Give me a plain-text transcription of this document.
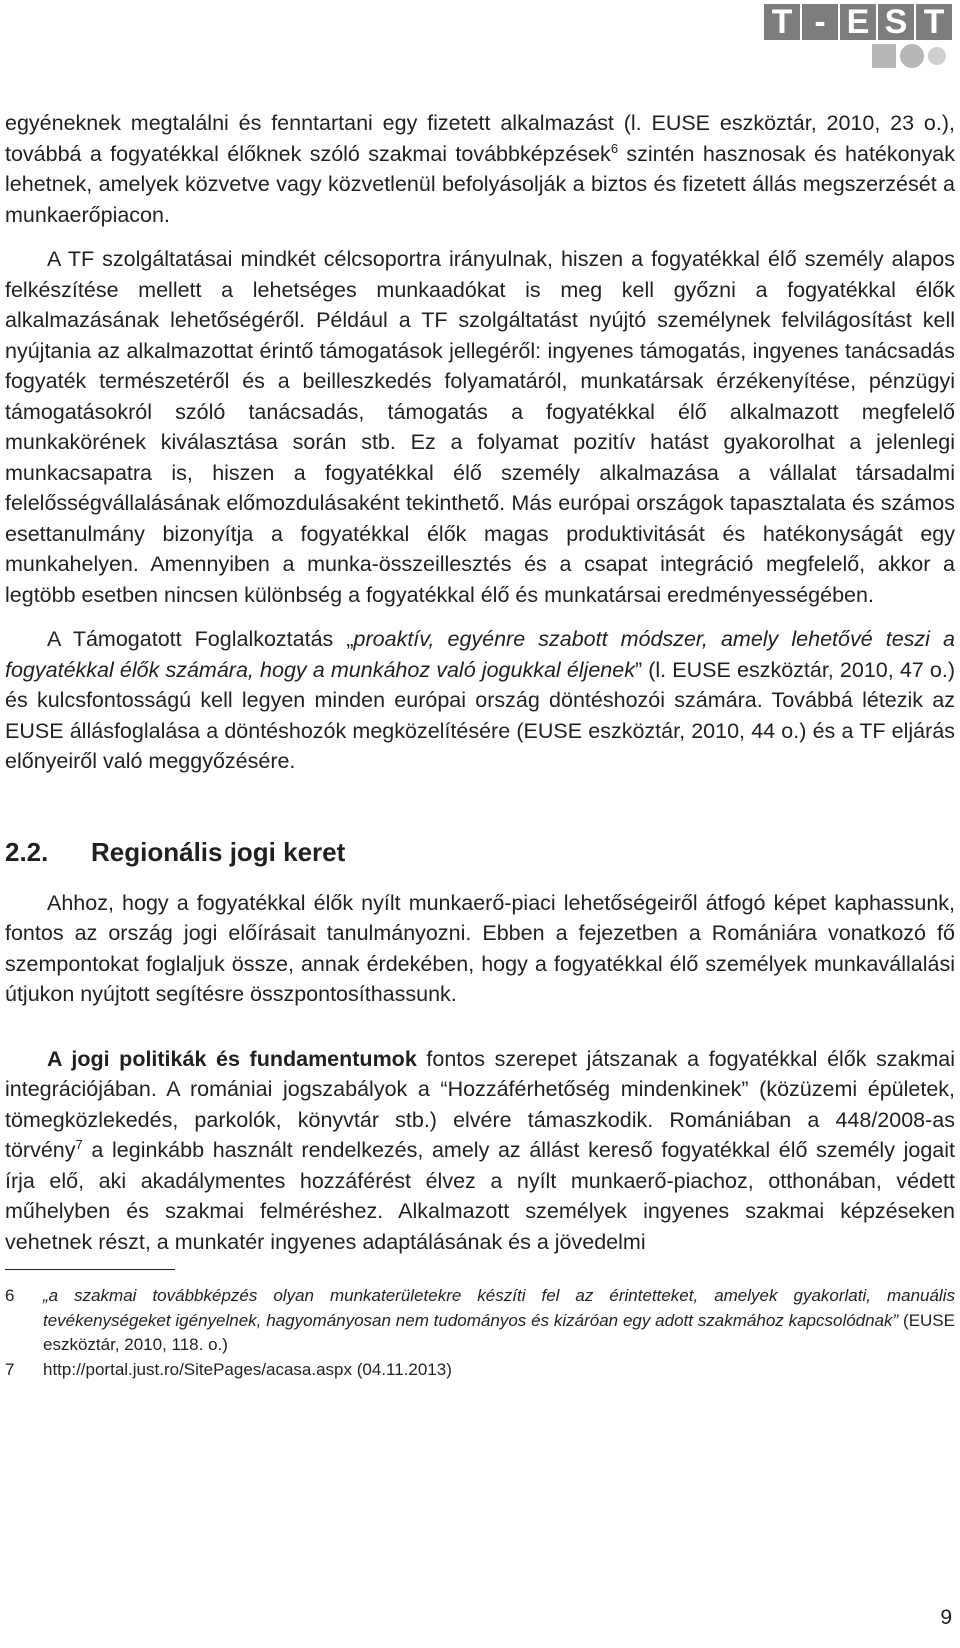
T - E S T

egyéneknek megtalálni és fenntartani egy fizetett alkalmazást (l. EUSE eszköztár, 2010, 23 o.), továbbá a fogyatékkal élőknek szóló szakmai továbbképzések$^6$ szintén hasznosak és hatékonyak lehetnek, amelyek közvetve vagy közvetlenül befolyásolják a biztos és fizetett állás megszerzését a munkaerőpiacon.

A TF szolgáltatásai mindkét célcsoportra irányulnak, hiszen a fogyatékkal élő személy alapos felkészítése mellett a lehetséges munkaadókat is meg kell győzni a fogyatékkal élők alkalmazásának lehetőségéről. Például a TF szolgáltatást nyújtó személynek felvilágosítást kell nyújtania az alkalmazottat érintő támogatások jellegéről: ingyenes támogatás, ingyenes tanácsadás fogyaték természetéről és a beilleszkedés folyamatáról, munkatársak érzékenyítése, pénzügyi támogatásokról szóló tanácsadás, támogatás a fogyatékkal élő alkalmazott megfelelő munkakörének kiválasztása során stb. Ez a folyamat pozitív hatást gyakorolhat a jelenlegi munkacsapatra is, hiszen a fogyatékkal élő személy alkalmazása a vállalat társadalmi felelősségvállalásának előmozdulásaként tekinthető. Más európai országok tapasztalata és számos esettanulmány bizonyítja a fogyatékkal élők magas produktivitását és hatékonyságát egy munkahelyen. Amennyiben a munka-összeillesztés és a csapat integráció megfelelő, akkor a legtöbb esetben nincsen különbség a fogyatékkal élő és munkatársai eredményességében.

A Támogatott Foglalkoztatás „proaktív, egyénre szabott módszer, amely lehetővé teszi a fogyatékkal élők számára, hogy a munkához való jogukkal éljenek” (l. EUSE eszköztár, 2010, 47 o.) és kulcsfontosságú kell legyen minden európai ország döntéshozói számára. Továbbá létezik az EUSE állásfoglalása a döntéshozók megközelítésére (EUSE eszköztár, 2010, 44 o.) és a TF eljárás előnyeiről való meggyőzésére.

2.2.	Regionális jogi keret

Ahhoz, hogy a fogyatékkal élők nyílt munkaerő-piaci lehetőségeiről átfogó képet kaphassunk, fontos az ország jogi előírásait tanulmányozni. Ebben a fejezetben a Romániára vonatkozó fő szempontokat foglaljuk össze, annak érdekében, hogy a fogyatékkal élő személyek munkavállalási útjukon nyújtott segítésre összpontosíthassunk.

A jogi politikák és fundamentumok fontos szerepet játszanak a fogyatékkal élők szakmai integrációjában. A romániai jogszabályok a “Hozzáférhetőség mindenkinek” (közüzemi épületek, tömegközlekedés, parkolók, könyvtár stb.) elvére támaszkodik. Romániában a 448/2008-as törvény$^7$ a leginkább használt rendelkezés, amely az állást kereső fogyatékkal élő személy jogait írja elő, aki akadálymentes hozzáférést élvez a nyílt munkaerő-piachoz, otthonában, védett műhelyben és szakmai felméréshez. Alkalmazott személyek ingyenes szakmai képzéseken vehetnek részt, a munkatér ingyenes adaptálásának és a jövedelmi

6	„a szakmai továbbképzés olyan munkaterületekre készíti fel az érintetteket, amelyek gyakorlati, manuális tevékenységeket igényelnek, hagyományosan nem tudományos és kizáróan egy adott szakmához kapcsolódnak” (EUSE eszköztár, 2010, 118. o.)
7	http://portal.just.ro/SitePages/acasa.aspx (04.11.2013)
9
